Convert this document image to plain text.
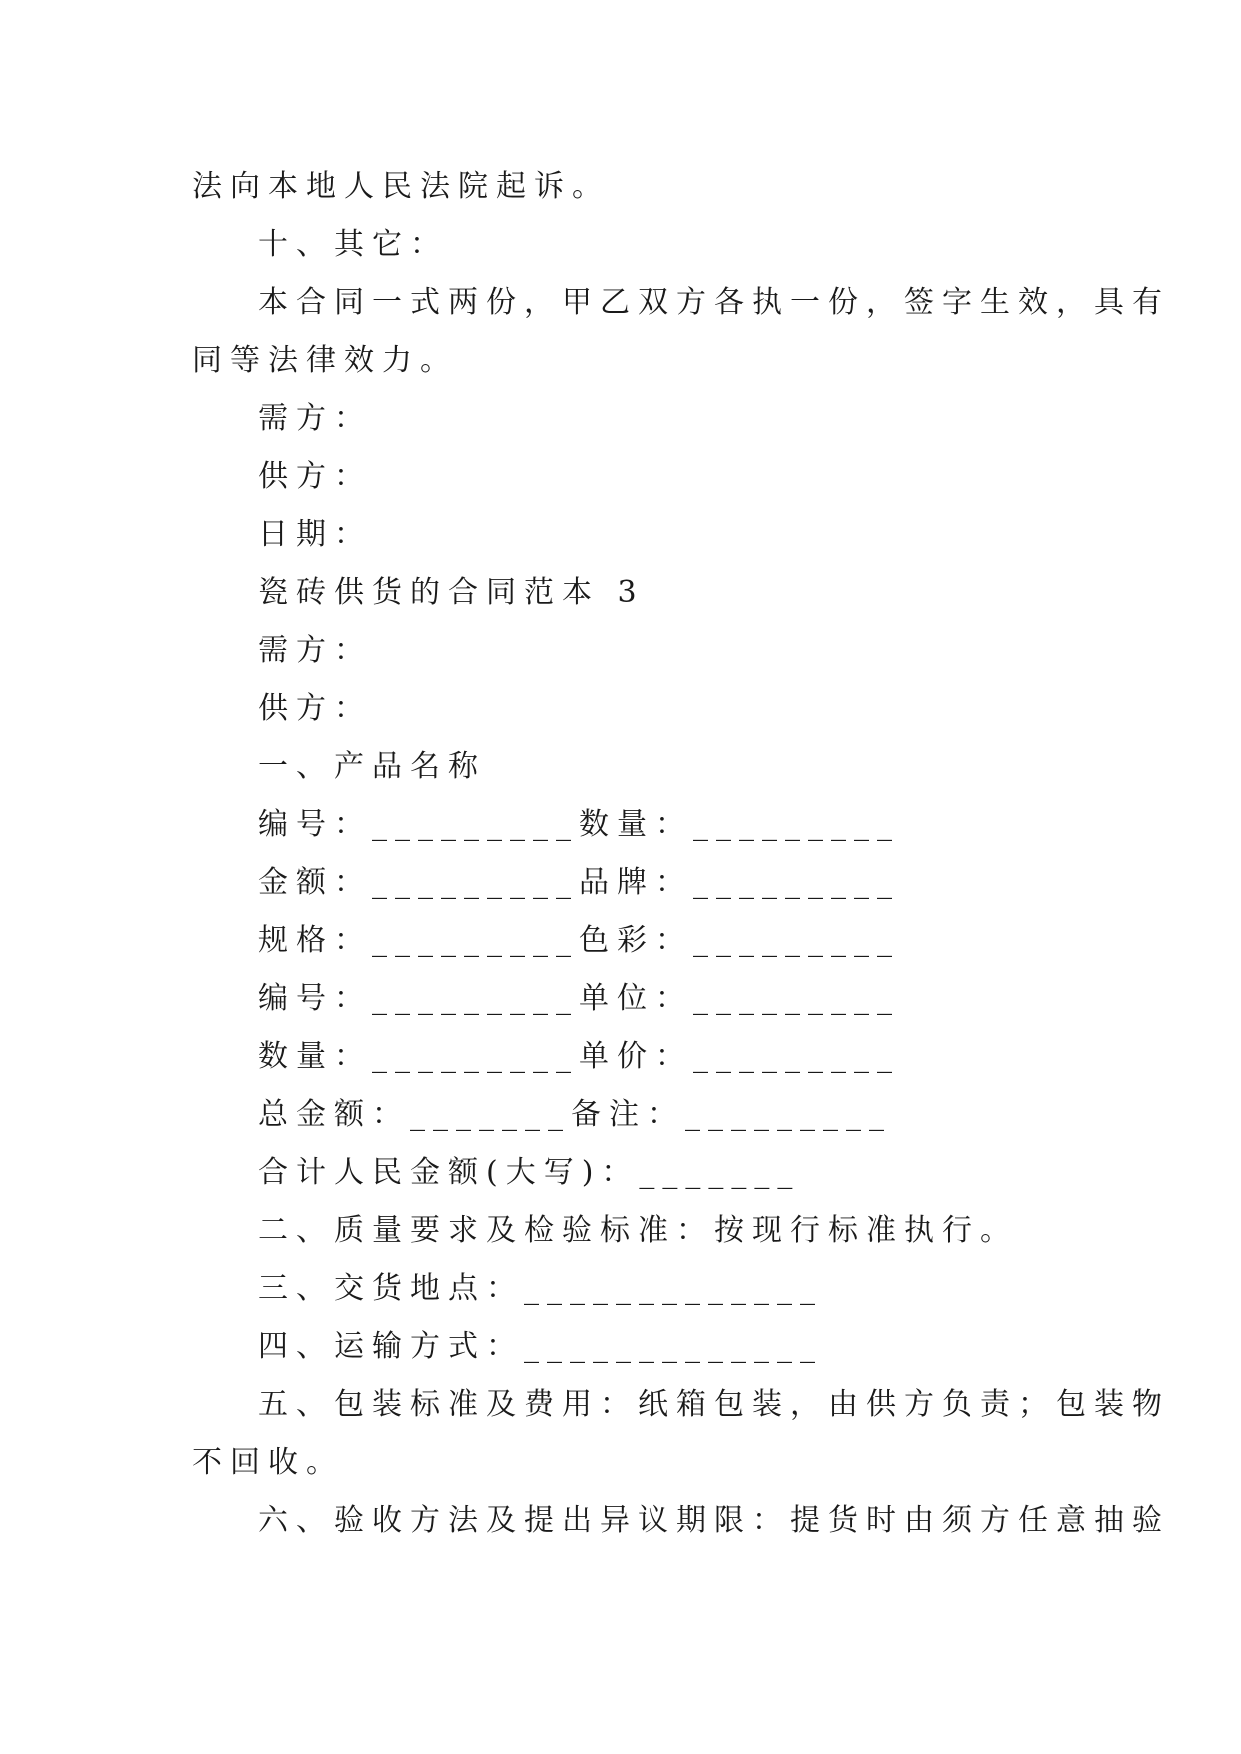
法向本地人民法院起诉。
十、其它：
本合同一式两份，甲乙双方各执一份，签字生效，具有
同等法律效力。
需方：
供方：
日期：
瓷砖供货的合同范本 3
需方：
供方：
一、产品名称
编号：_________数量：_________
金额：_________品牌：_________
规格：_________色彩：_________
编号：_________单位：_________
数量：_________单价：_________
总金额：_______备注：_________
合计人民金额(大写)：_______
二、质量要求及检验标准：按现行标准执行。
三、交货地点：_____________
四、运输方式：_____________
五、包装标准及费用：纸箱包装，由供方负责；包装物
不回收。
六、验收方法及提出异议期限：提货时由须方任意抽验
